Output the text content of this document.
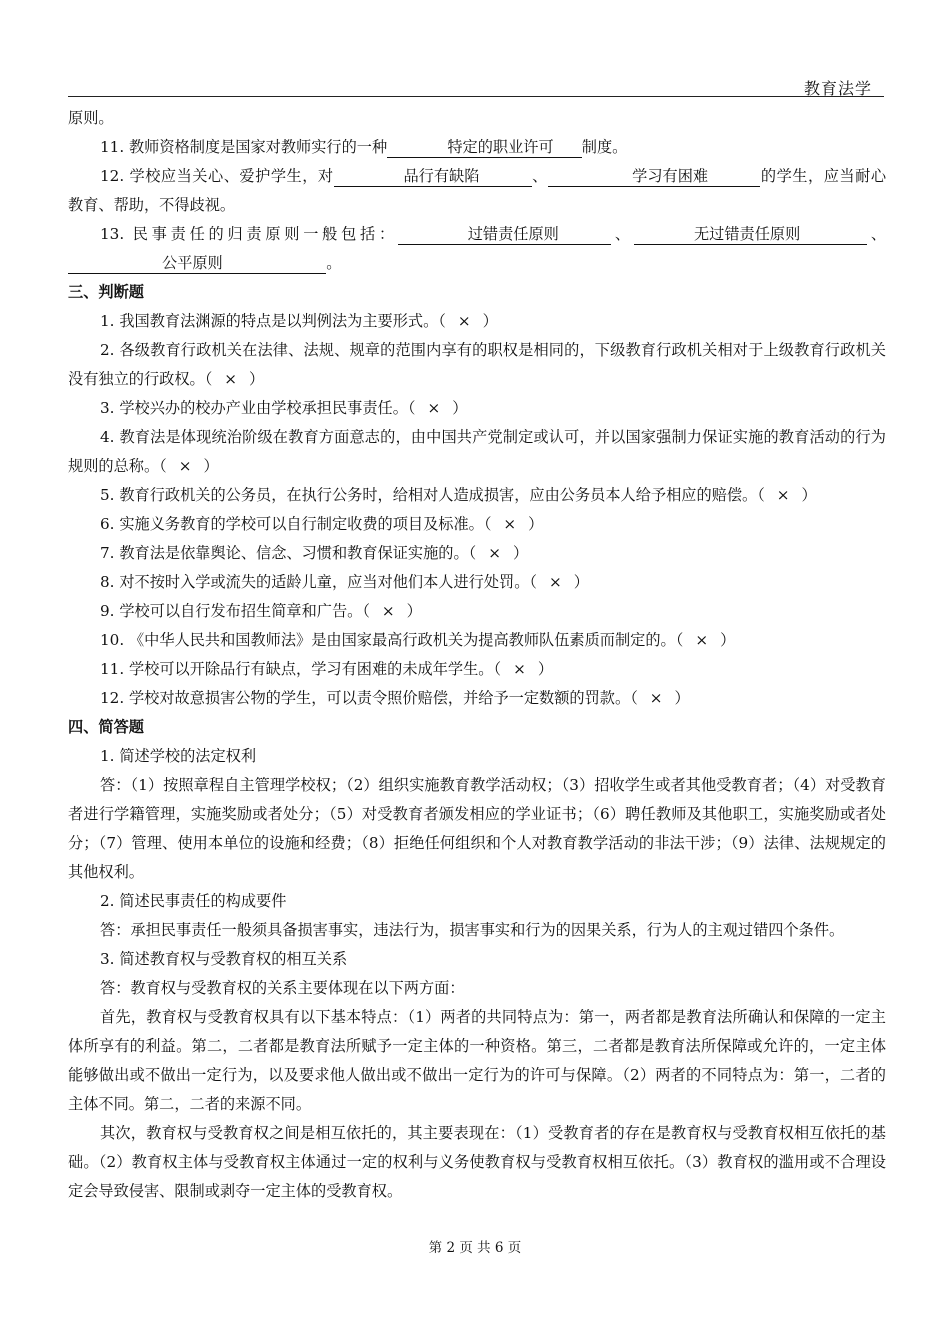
教育法学

原则。

11. 教师资格制度是国家对教师实行的一种	特定的职业许可 制度。

12. 学校应当关心、爱护学生，对	品行有缺陷	、	学习有困难	的学生，应当耐心教育、帮助，不得歧视。

13. 民事责任的归责原则一般包括：	过错责任原则	、	无过错责任原则	、            公平原则	。

三、判断题

1. 我国教育法渊源的特点是以判例法为主要形式。（ × ）

2. 各级教育行政机关在法律、法规、规章的范围内享有的职权是相同的，下级教育行政机关相对于上级教育行政机关没有独立的行政权。（ × ）

3. 学校兴办的校办产业由学校承担民事责任。（ × ）

4. 教育法是体现统治阶级在教育方面意志的，由中国共产党制定或认可，并以国家强制力保证实施的教育活动的行为规则的总称。（ × ）

5. 教育行政机关的公务员，在执行公务时，给相对人造成损害，应由公务员本人给予相应的赔偿。（ × ）

6. 实施义务教育的学校可以自行制定收费的项目及标准。（ × ）

7. 教育法是依靠舆论、信念、习惯和教育保证实施的。（ × ）

8. 对不按时入学或流失的适龄儿童，应当对他们本人进行处罚。（ × ）

9. 学校可以自行发布招生简章和广告。（ × ）

10. 《中华人民共和国教师法》是由国家最高行政机关为提高教师队伍素质而制定的。（ × ）

11. 学校可以开除品行有缺点，学习有困难的未成年学生。（ × ）

12. 学校对故意损害公物的学生，可以责令照价赔偿，并给予一定数额的罚款。（ × ）

四、简答题

1. 简述学校的法定权利

答：（1）按照章程自主管理学校权；（2）组织实施教育教学活动权；（3）招收学生或者其他受教育者；（4）对受教育者进行学籍管理，实施奖励或者处分；（5）对受教育者颁发相应的学业证书；（6）聘任教师及其他职工，实施奖励或者处分；（7）管理、使用本单位的设施和经费；（8）拒绝任何组织和个人对教育教学活动的非法干涉；（9）法律、法规规定的其他权利。

2. 简述民事责任的构成要件

答：承担民事责任一般须具备损害事实，违法行为，损害事实和行为的因果关系，行为人的主观过错四个条件。

3. 简述教育权与受教育权的相互关系

答：教育权与受教育权的关系主要体现在以下两方面：

首先，教育权与受教育权具有以下基本特点：（1）两者的共同特点为：第一，两者都是教育法所确认和保障的一定主体所享有的利益。第二，二者都是教育法所赋予一定主体的一种资格。第三，二者都是教育法所保障或允许的，一定主体能够做出或不做出一定行为，以及要求他人做出或不做出一定行为的许可与保障。（2）两者的不同特点为：第一，二者的主体不同。第二，二者的来源不同。

其次，教育权与受教育权之间是相互依托的，其主要表现在：（1）受教育者的存在是教育权与受教育权相互依托的基础。（2）教育权主体与受教育权主体通过一定的权利与义务使教育权与受教育权相互依托。（3）教育权的滥用或不合理设定会导致侵害、限制或剥夺一定主体的受教育权。

第 2 页 共 6 页
